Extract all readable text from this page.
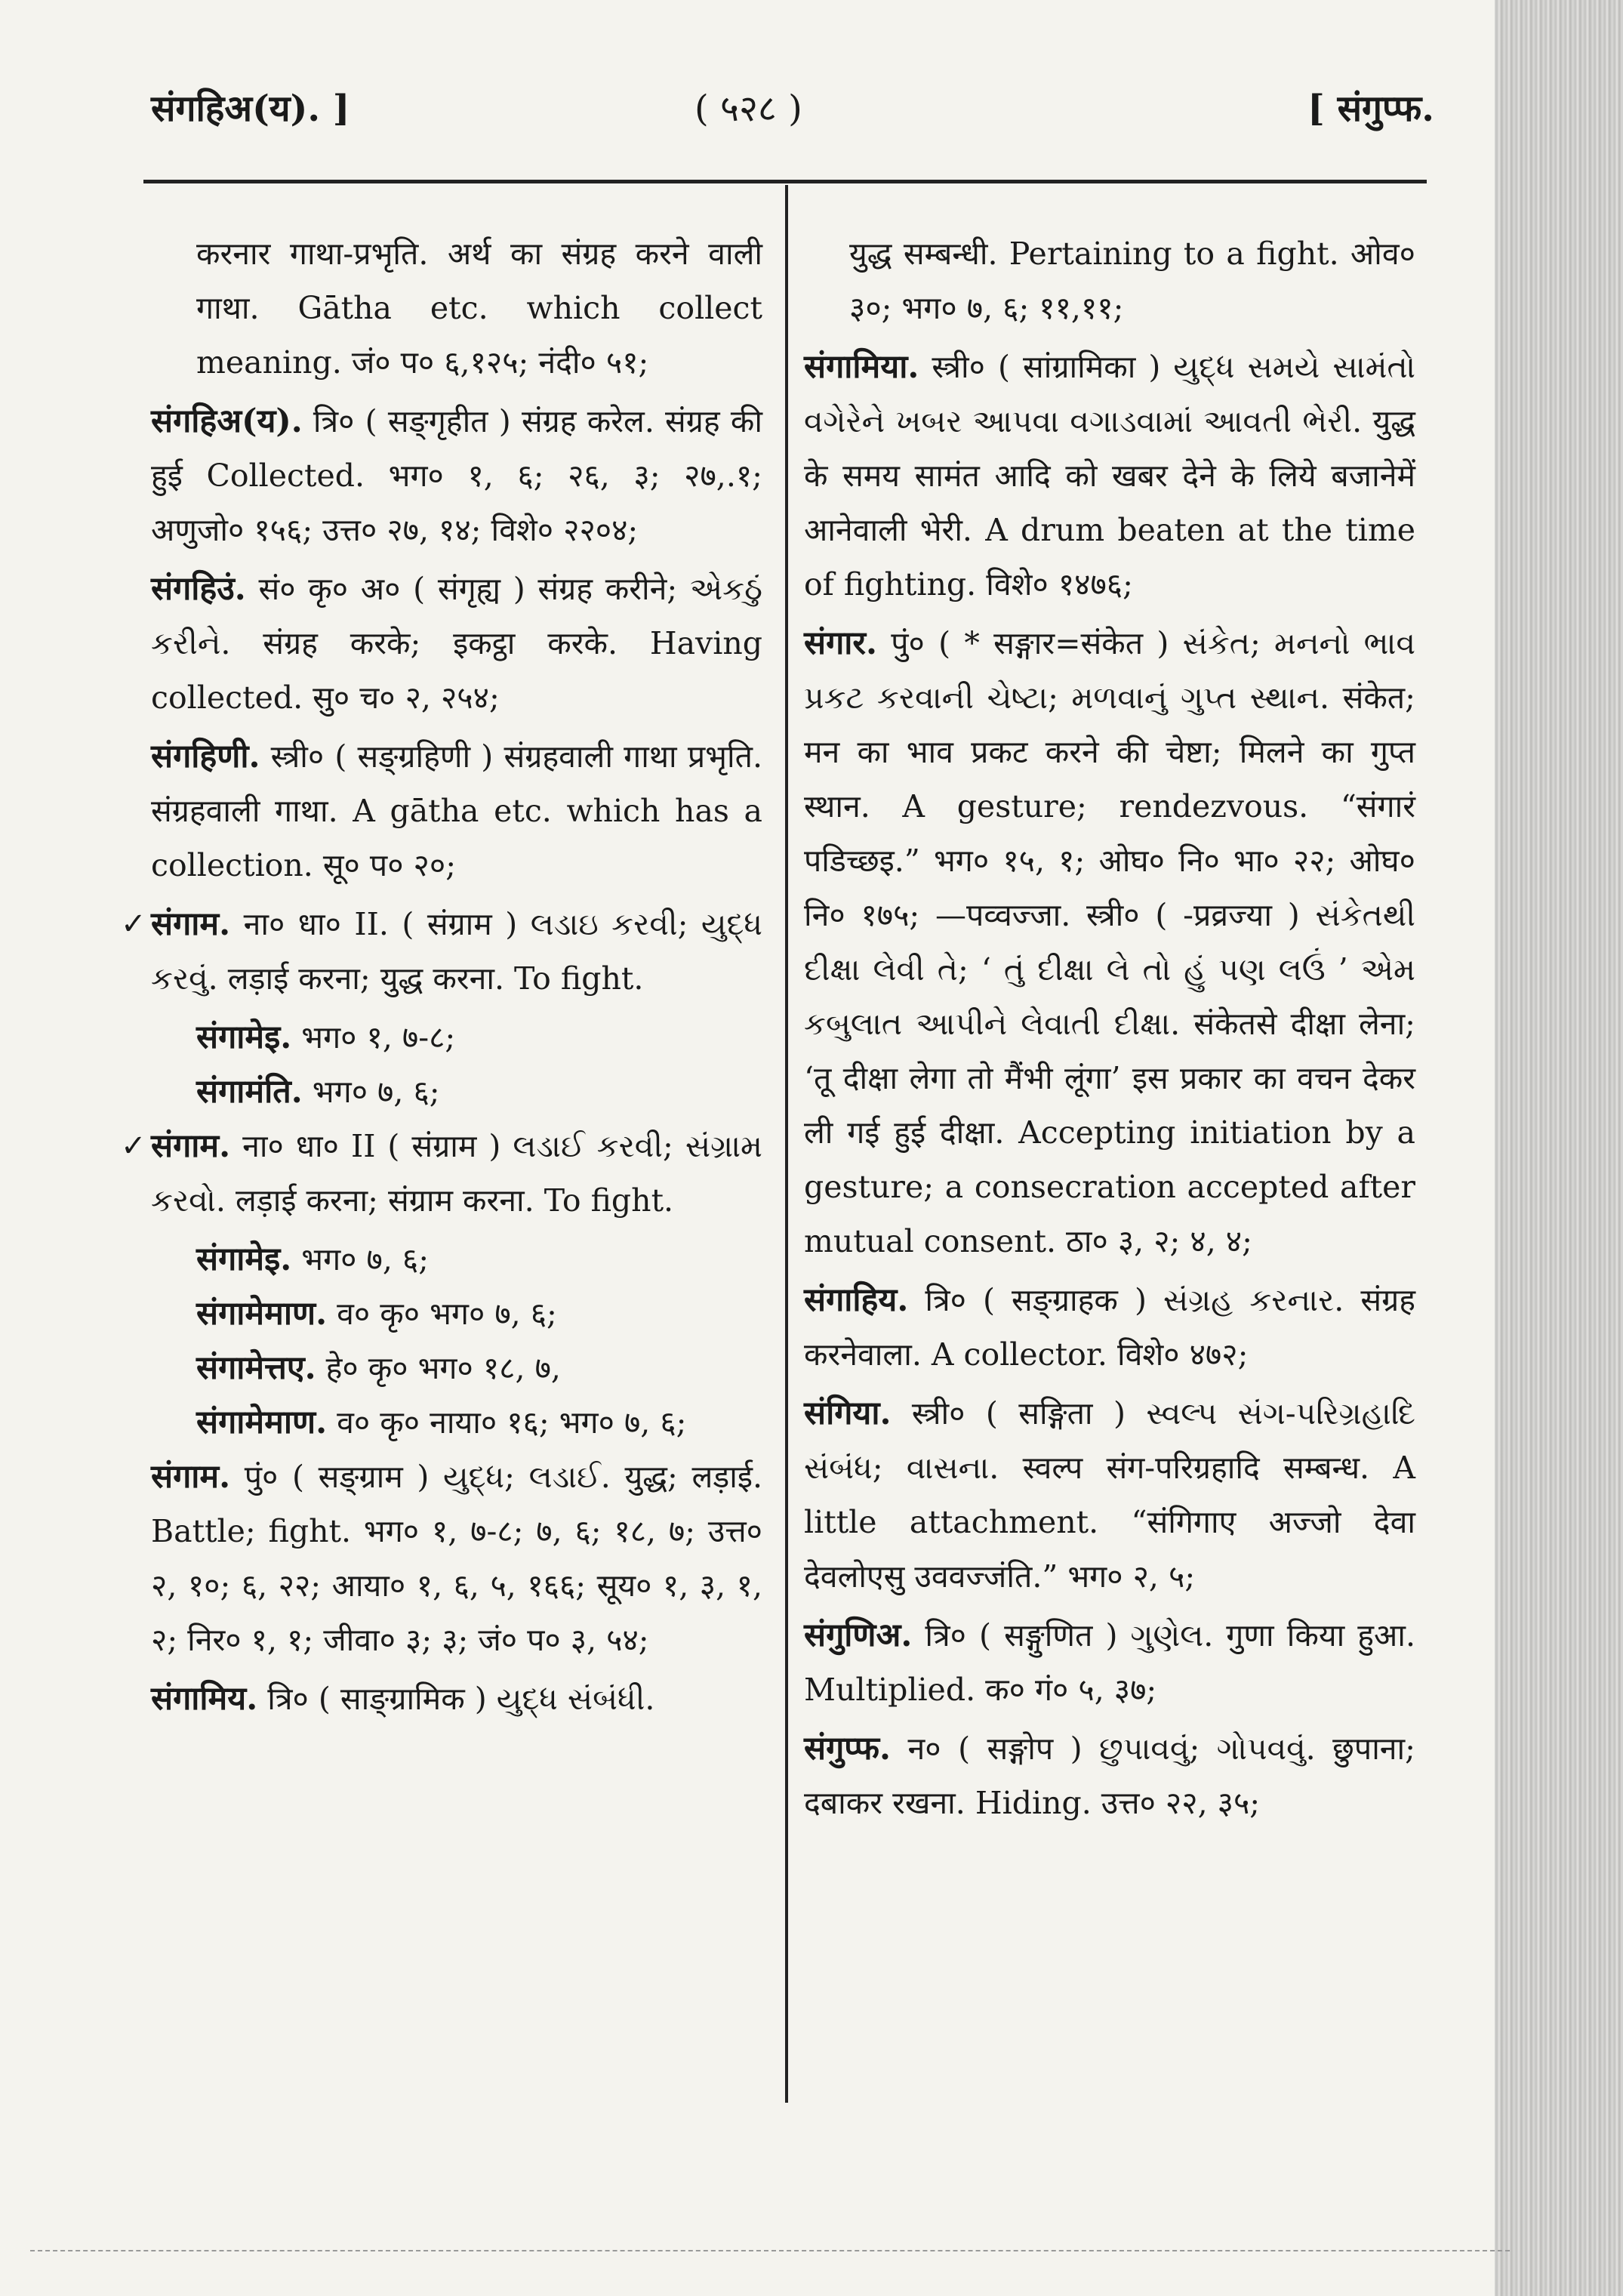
संगहिअ(य). ]	( ५२८ )	[ संगुप्फ.

करनार गाथा-प्रभृति. अर्थ का संग्रह करने वाली गाथा. Gātha etc. which collect meaning. जं० प० ६,१२५; नंदी० ५१;

संगहिअ(य). त्रि० ( सङ्गृहीत ) संग्रह करेल. संग्रह की हुई Collected. भग० १, ६; २६, ३; २७,.१; अणुजो० १५६; उत्त० २७, १४; विशे० २२०४;

संगहिउं. सं० कृ० अ० ( संगृह्य ) संग्रह करीने; એકઠું કરીને. संग्रह करके; इकट्ठा करके. Having collected. सु० च० २, २५४;

संगहिणी. स्त्री० ( सङ्ग्रहिणी ) संग्रहवाली गाथा प्रभृति. संग्रहवाली गाथा. A gātha etc. which has a collection. सू० प० २०;

✓ संगाम. ना० धा० II. ( संग्राम ) લડાઇ કરવી; યુદ્ધ કરવું. लड़ाई करना; युद्ध करना. To fight.

संगामेइ. भग० १, ७-८;

संगामंति. भग० ७, ६;

✓ संगाम. ना० धा० II ( संग्राम ) લડાઈ કરવી; સંગ્રામ કરવો. लड़ाई करना; संग्राम करना. To fight.

संगामेइ. भग० ७, ६;

संगामेमाण. व० कृ० भग० ७, ६;

संगामेत्तए. हे० कृ० भग० १८, ७,

संगामेमाण. व० कृ० नाया० १६; भग० ७, ६;

संगाम. पुं० ( सङ्ग्राम ) યુદ્ધ; લડાઈ. युद्ध; लड़ाई. Battle; fight. भग० १, ७-८; ७, ६; १८, ७; उत्त० २, १०; ६, २२; आया० १, ६, ५, १६६; सूय० १, ३, १, २; निर० १, १; जीवा० ३; ३; जं० प० ३, ५४;

संगामिय. त्रि० ( साङ्ग्रामिक ) યુદ્ધ સંબંધી.

युद्ध सम्बन्धी. Pertaining to a fight. ओव० ३०; भग० ७, ६; ११,११;

संगामिया. स्त्री० ( सांग्रामिका ) યુદ્ધ સમયે સામંતો વગેરેને ખબર આપવા વગાડવામાં આવતી ભેરી. युद्ध के समय सामंत आदि को खबर देने के लिये बजानेमें आनेवाली भेरी. A drum beaten at the time of fighting. विशे० १४७६;

संगार. पुं० ( * सङ्गार=संकेत ) સંકેત; મનનો ભાવ પ્રકટ કરવાની ચેષ્ટા; મળવાનું ગુપ્ત સ્થાન. संकेत; मन का भाव प्रकट करने की चेष्टा; मिलने का गुप्त स्थान. A gesture; rendezvous. “संगारं पडिच्छइ.” भग० १५, १; ओघ० नि० भा० २२; ओघ० नि० १७५; —पव्वज्जा. स्त्री० ( -प्रव्रज्या ) સંકેતથી દીક્ષા લેવી તે; ‘ તું દીક્ષા લે તો હું પણ લઉં ’ એમ કબુલાત આપીને લેવાતી દીક્ષા. संकेतसे दीक्षा लेना; ‘तू दीक्षा लेगा तो मैंभी लूंगा’ इस प्रकार का वचन देकर ली गई हुई दीक्षा. Accepting initiation by a gesture; a consecration accepted after mutual consent. ठा० ३, २; ४, ४;

संगाहिय. त्रि० ( सङ्ग्राहक ) સંગ્રહ કરનાર. संग्रह करनेवाला. A collector. विशे० ४७२;

संगिया. स्त्री० ( सङ्गिता ) સ્વલ્પ સંગ-પરિગ્રહાદિ સંબંધ; વાસના. स्वल्प संग-परिग्रहादि सम्बन्ध. A little attachment. “संगिगाए अज्जो देवा देवलोएसु उववज्जंति.” भग० २, ५;

संगुणिअ. त्रि० ( सङ्गुणित ) ગુણેલ. गुणा किया हुआ. Multiplied. क० गं० ५, ३७;

संगुप्फ. न० ( सङ्गोप ) છુપાવવું; ગોપવવું. छुपाना; दबाकर रखना. Hiding. उत्त० २२, ३५;
